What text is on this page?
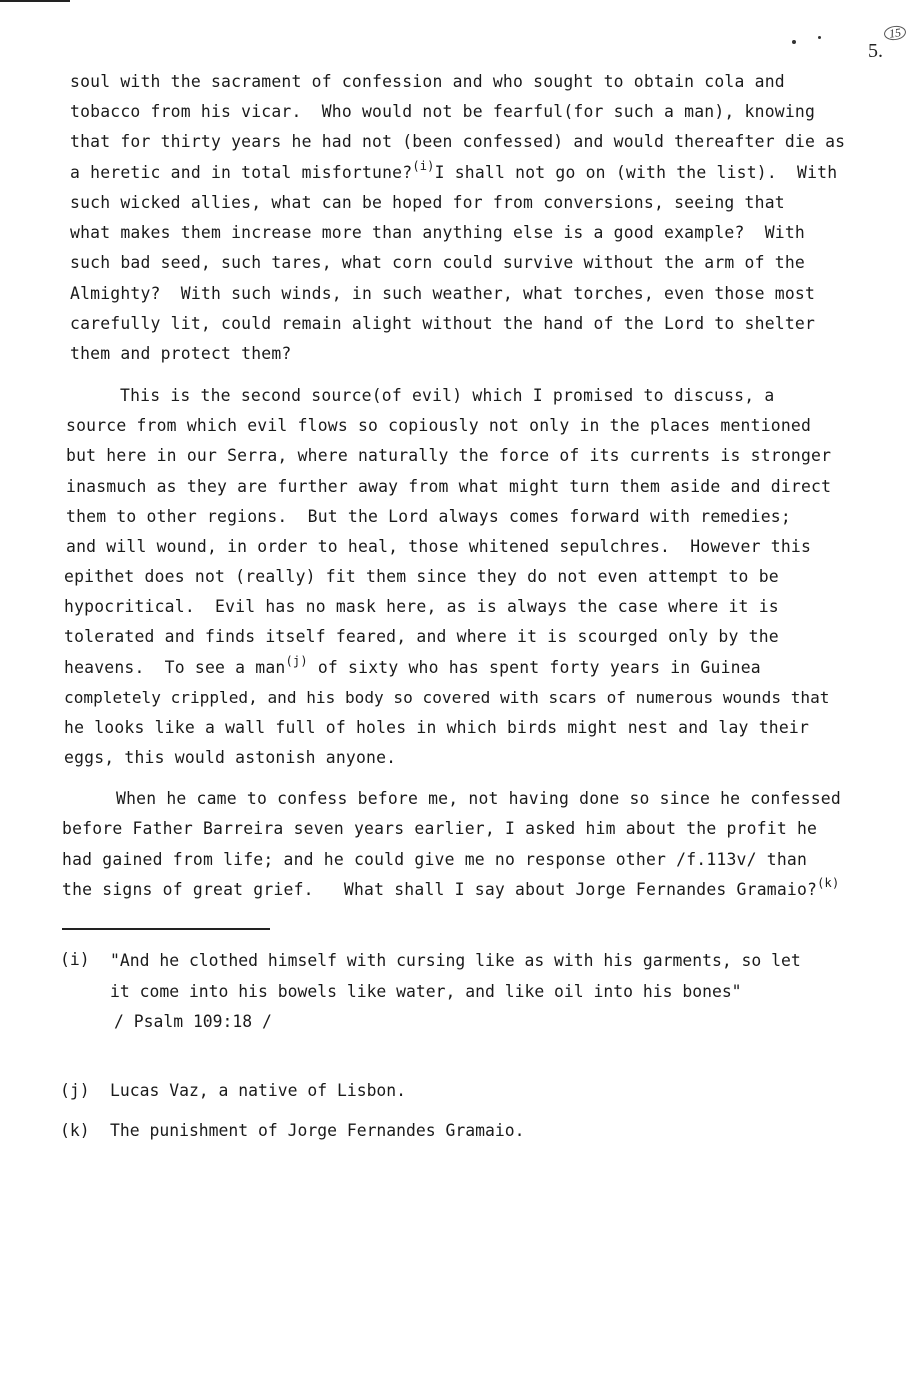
5.
15
soul with the sacrament of confession and who sought to obtain cola and
tobacco from his vicar.  Who would not be fearful(for such a man), knowing
that for thirty years he had not (been confessed) and would thereafter die as
a heretic and in total misfortune?$^{(i)}$I shall not go on (with the list).  With
such wicked allies, what can be hoped for from conversions, seeing that
what makes them increase more than anything else is a good example?  With
such bad seed, such tares, what corn could survive without the arm of the
Almighty?  With such winds, in such weather, what torches, even those most
carefully lit, could remain alight without the hand of the Lord to shelter
them and protect them?
This is the second source(of evil) which I promised to discuss, a
source from which evil flows so copiously not only in the places mentioned
but here in our Serra, where naturally the force of its currents is stronger
inasmuch as they are further away from what might turn them aside and direct
them to other regions.  But the Lord always comes forward with remedies;
and will wound, in order to heal, those whitened sepulchres.  However this
epithet does not (really) fit them since they do not even attempt to be
hypocritical.  Evil has no mask here, as is always the case where it is
tolerated and finds itself feared, and where it is scourged only by the
heavens.  To see a man$^{(j)}$ of sixty who has spent forty years in Guinea
completely crippled, and his body so covered with scars of numerous wounds that
he looks like a wall full of holes in which birds might nest and lay their
eggs, this would astonish anyone.
When he came to confess before me, not having done so since he confessed
before Father Barreira seven years earlier, I asked him about the profit he
had gained from life; and he could give me no response other /f.113v/ than
the signs of great grief.   What shall I say about Jorge Fernandes Gramaio?$^{(k)}$
(i) "And he clothed himself with cursing like as with his garments, so let
it come into his bowels like water, and like oil into his bones"
/ Psalm 109:18 /
(j) Lucas Vaz, a native of Lisbon.
(k) The punishment of Jorge Fernandes Gramaio.
